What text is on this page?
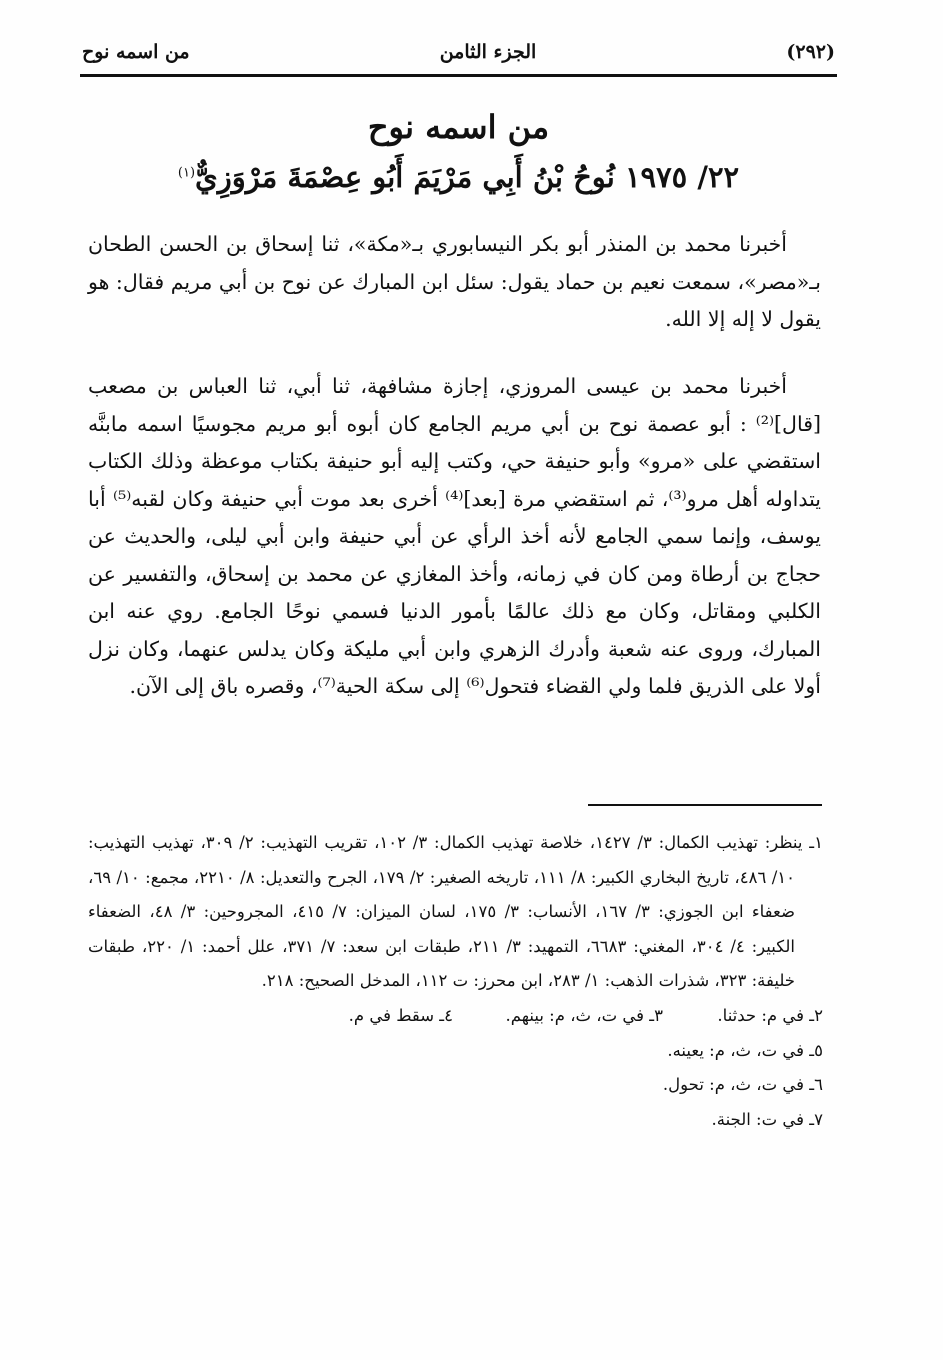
(٢٩٢)
الجزء الثامن
من اسمه نوح
من اسمه نوح
٢٢/ ١٩٧٥ نُوحُ بْنُ أَبِي مَرْيَمَ أَبُو عِصْمَةَ مَرْوَزِيٌّ$^{(١)}$

أخبرنا محمد بن المنذر أبو بكر النيسابوري بـ«مكة»، ثنا إسحاق بن الحسن الطحان بـ«مصر»، سمعت نعيم بن حماد يقول: سئل ابن المبارك عن نوح بن أبي مريم فقال: هو يقول لا إله إلا الله.

أخبرنا محمد بن عيسى المروزي، إجازة مشافهة، ثنا أبي، ثنا العباس بن مصعب [قال]⁽²⁾ : أبو عصمة نوح بن أبي مريم الجامع كان أبوه أبو مريم مجوسيًا اسمه مابنَّه استقضي على «مرو» وأبو حنيفة حي، وكتب إليه أبو حنيفة بكتاب موعظة وذلك الكتاب يتداوله أهل مرو⁽³⁾، ثم استقضي مرة [بعد]⁽⁴⁾ أخرى بعد موت أبي حنيفة وكان لقبه⁽⁵⁾ أبا يوسف، وإنما سمي الجامع لأنه أخذ الرأي عن أبي حنيفة وابن أبي ليلى، والحديث عن حجاج بن أرطاة ومن كان في زمانه، وأخذ المغازي عن محمد بن إسحاق، والتفسير عن الكلبي ومقاتل، وكان مع ذلك عالمًا بأمور الدنيا فسمي نوحًا الجامع. روي عنه ابن المبارك، وروى عنه شعبة وأدرك الزهري وابن أبي مليكة وكان يدلس عنهما، وكان نزل أولا على الذريق فلما ولي القضاء فتحول⁽⁶⁾ إلى سكة الحية⁽⁷⁾، وقصره باق إلى الآن.

١ـ ينظر: تهذيب الكمال: ٣/ ١٤٢٧، خلاصة تهذيب الكمال: ٣/ ١٠٢، تقريب التهذيب: ٢/ ٣٠٩، تهذيب التهذيب: ١٠/ ٤٨٦، تاريخ البخاري الكبير: ٨/ ١١١، تاريخه الصغير: ٢/ ١٧٩، الجرح والتعديل: ٨/ ٢٢١٠، مجمع: ١٠/ ٦٩، ضعفاء ابن الجوزي: ٣/ ١٦٧، الأنساب: ٣/ ١٧٥، لسان الميزان: ٧/ ٤١٥، المجروحين: ٣/ ٤٨، الضعفاء الكبير: ٤/ ٣٠٤، المغني: ٦٦٨٣، التمهيد: ٣/ ٢١١، طبقات ابن سعد: ٧/ ٣٧١، علل أحمد: ١/ ٢٢٠، طبقات خليفة: ٣٢٣، شذرات الذهب: ١/ ٢٨٣، ابن محرز: ت ١١٢، المدخل الصحيح: ٢١٨.

٢ـ في م: حدثنا.
٣ـ في ت، ث، م: بينهم.
٤ـ سقط في م.

٥ـ في ت، ث، م: يعينه.

٦ـ في ت، ث، م: تحول.

٧ـ في ت: الجنة.
